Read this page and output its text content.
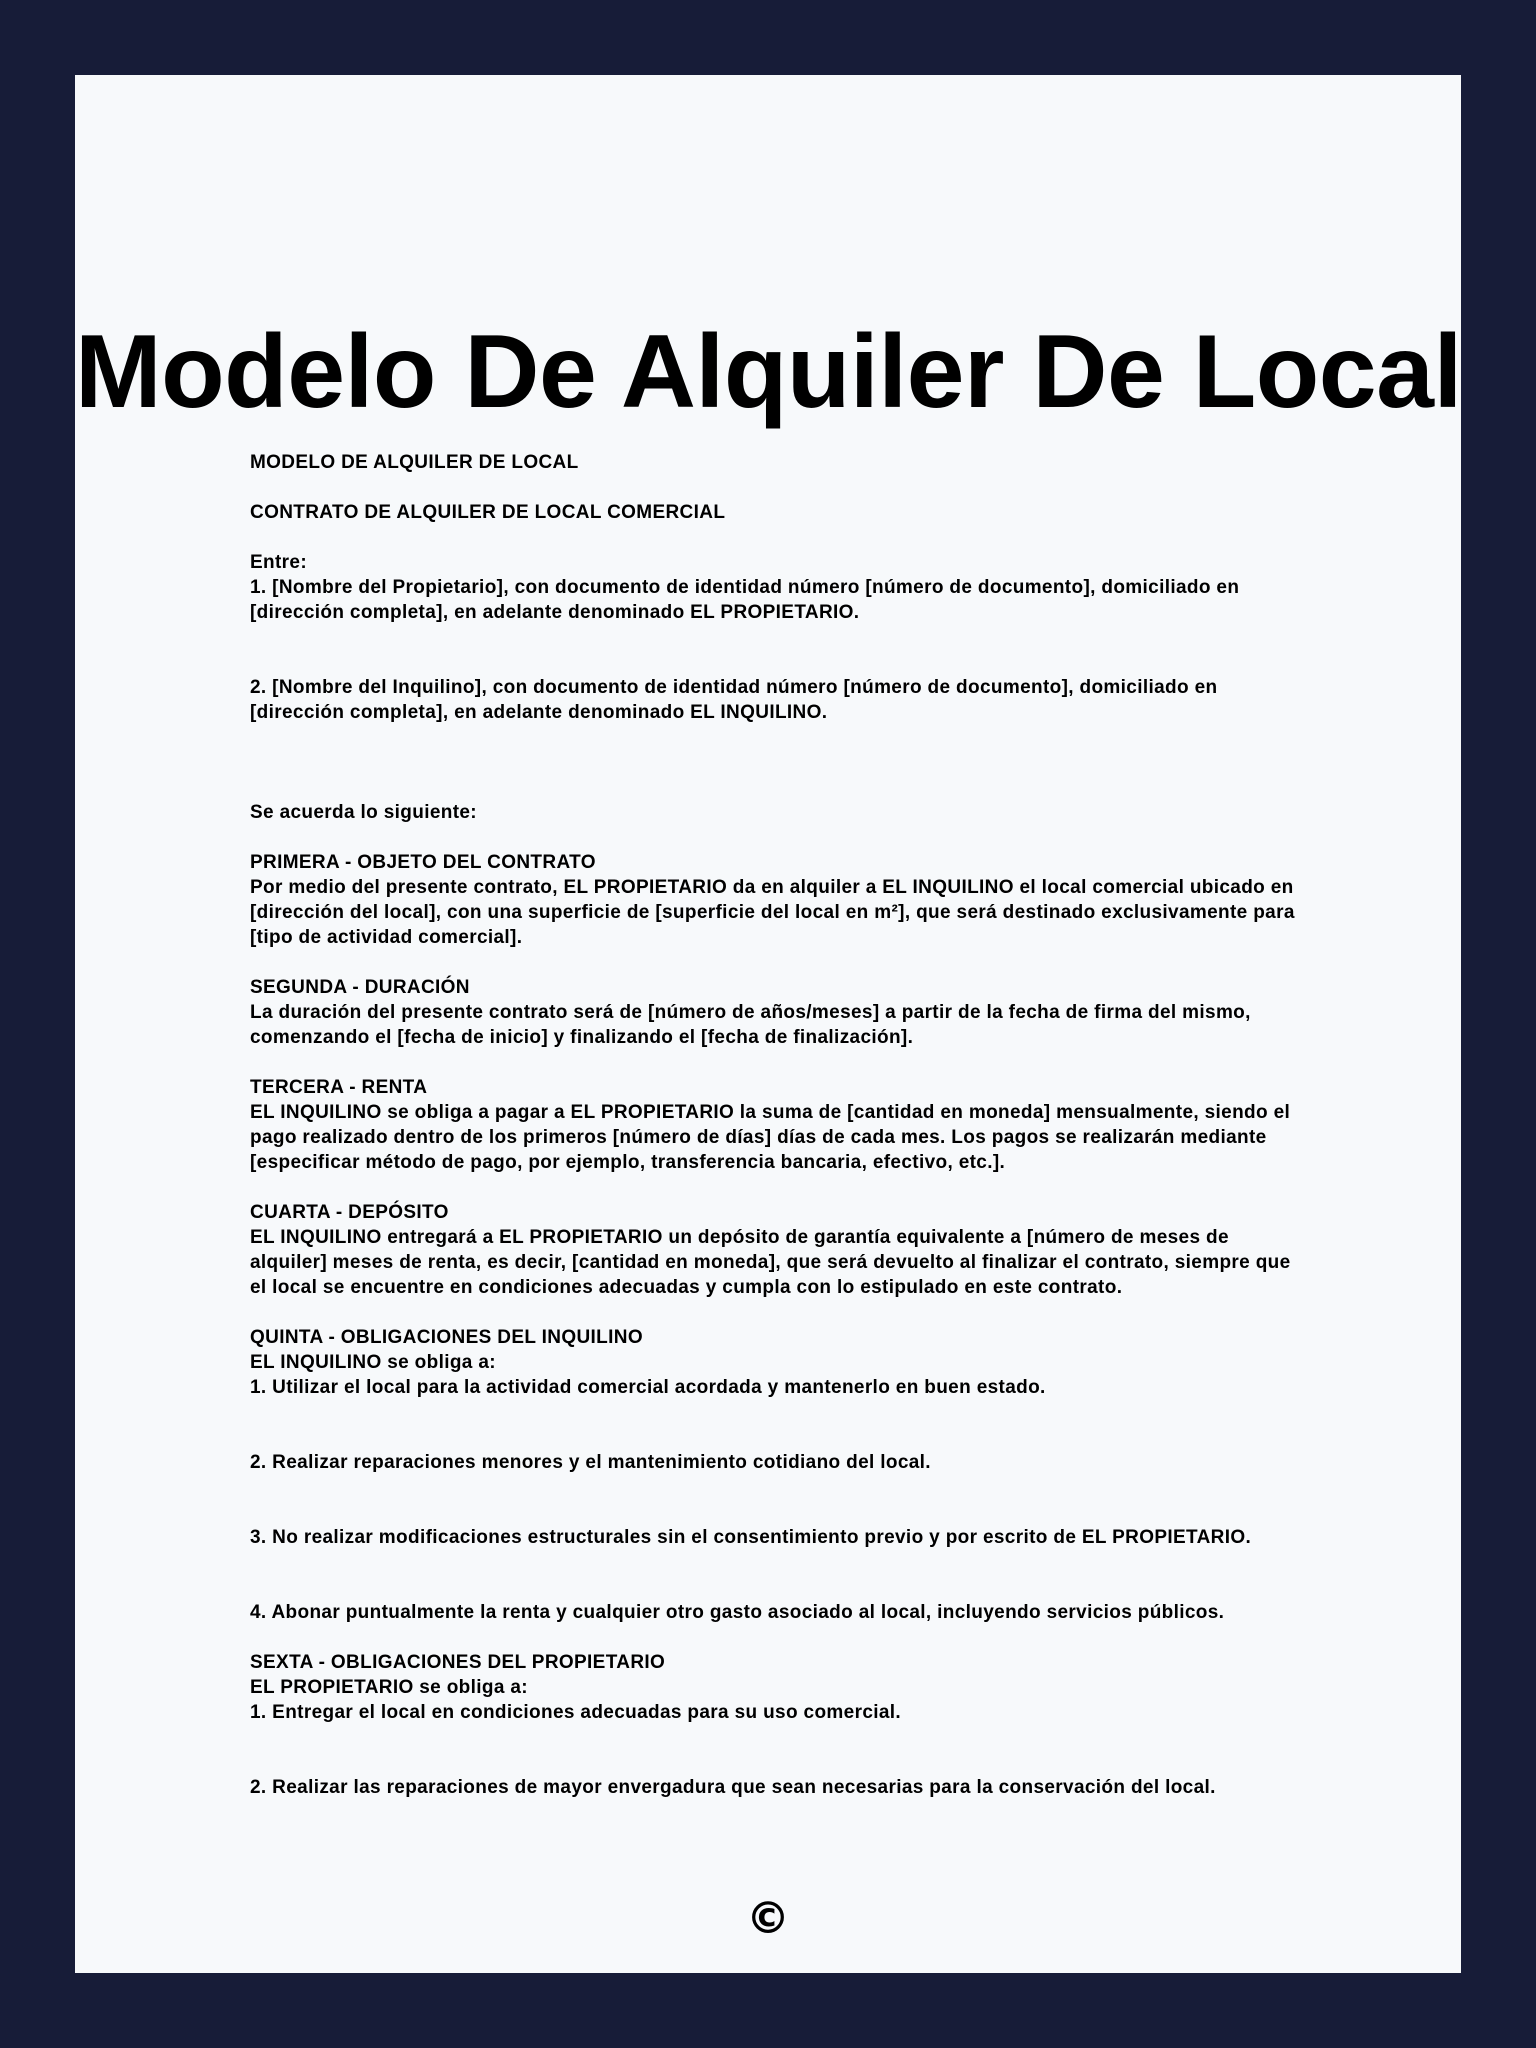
Modelo De Alquiler De Local

MODELO DE ALQUILER DE LOCAL

CONTRATO DE ALQUILER DE LOCAL COMERCIAL

Entre:

1. [Nombre del Propietario], con documento de identidad número [número de documento], domiciliado en [dirección completa], en adelante denominado EL PROPIETARIO.

2. [Nombre del Inquilino], con documento de identidad número [número de documento], domiciliado en [dirección completa], en adelante denominado EL INQUILINO.

Se acuerda lo siguiente:

PRIMERA - OBJETO DEL CONTRATO

Por medio del presente contrato, EL PROPIETARIO da en alquiler a EL INQUILINO el local comercial ubicado en [dirección del local], con una superficie de [superficie del local en m²], que será destinado exclusivamente para [tipo de actividad comercial].

SEGUNDA - DURACIÓN

La duración del presente contrato será de [número de años/meses] a partir de la fecha de firma del mismo, comenzando el [fecha de inicio] y finalizando el [fecha de finalización].

TERCERA - RENTA

EL INQUILINO se obliga a pagar a EL PROPIETARIO la suma de [cantidad en moneda] mensualmente, siendo el pago realizado dentro de los primeros [número de días] días de cada mes. Los pagos se realizarán mediante [especificar método de pago, por ejemplo, transferencia bancaria, efectivo, etc.].

CUARTA - DEPÓSITO

EL INQUILINO entregará a EL PROPIETARIO un depósito de garantía equivalente a [número de meses de alquiler] meses de renta, es decir, [cantidad en moneda], que será devuelto al finalizar el contrato, siempre que el local se encuentre en condiciones adecuadas y cumpla con lo estipulado en este contrato.

QUINTA - OBLIGACIONES DEL INQUILINO

EL INQUILINO se obliga a:

1. Utilizar el local para la actividad comercial acordada y mantenerlo en buen estado.

2. Realizar reparaciones menores y el mantenimiento cotidiano del local.

3. No realizar modificaciones estructurales sin el consentimiento previo y por escrito de EL PROPIETARIO.

4. Abonar puntualmente la renta y cualquier otro gasto asociado al local, incluyendo servicios públicos.

SEXTA - OBLIGACIONES DEL PROPIETARIO

EL PROPIETARIO se obliga a:

1. Entregar el local en condiciones adecuadas para su uso comercial.

2. Realizar las reparaciones de mayor envergadura que sean necesarias para la conservación del local.

©
